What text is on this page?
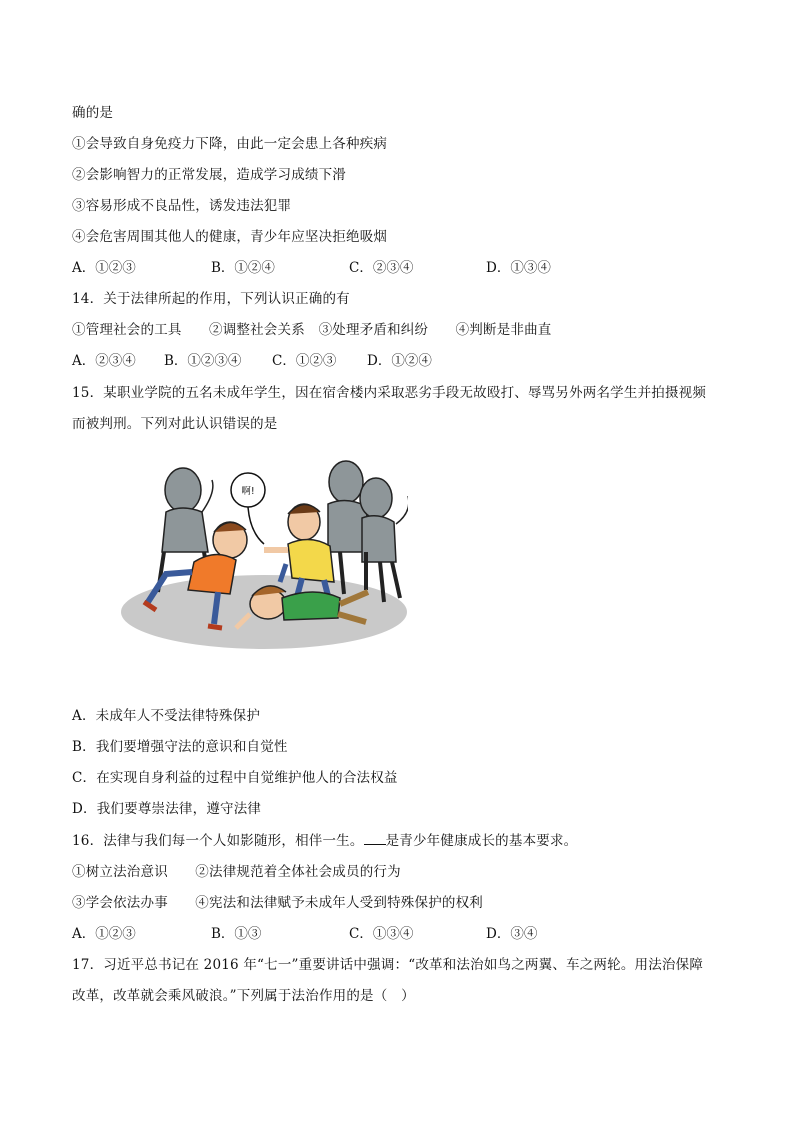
确的是
①会导致自身免疫力下降，由此一定会患上各种疾病
②会影响智力的正常发展，造成学习成绩下滑
③容易形成不良品性，诱发违法犯罪
④会危害周围其他人的健康，青少年应坚决拒绝吸烟
A．①②③	B．①②④	C．②③④	D．①③④
14．关于法律所起的作用，下列认识正确的有
①管理社会的工具　　②调整社会关系　③处理矛盾和纠纷　　④判断是非曲直
A．②③④ B．①②③④ C．①②③ D．①②④
15．某职业学院的五名未成年学生，因在宿舍楼内采取恶劣手段无故殴打、辱骂另外两名学生并拍摄视频
而被判刑。下列对此认识错误的是
啊!
A．未成年人不受法律特殊保护
B．我们要增强守法的意识和自觉性
C．在实现自身利益的过程中自觉维护他人的合法权益
D．我们要尊崇法律，遵守法律
16．法律与我们每一个人如影随形，相伴一生。 是青少年健康成长的基本要求。
①树立法治意识　　②法律规范着全体社会成员的行为
③学会依法办事　　④宪法和法律赋予未成年人受到特殊保护的权利
A．①②③	B．①③	C．①③④	D．③④
17．习近平总书记在 2016 年“七一”重要讲话中强调：“改革和法治如鸟之两翼、车之两轮。用法治保障
改革，改革就会乘风破浪。”下列属于法治作用的是（　）
